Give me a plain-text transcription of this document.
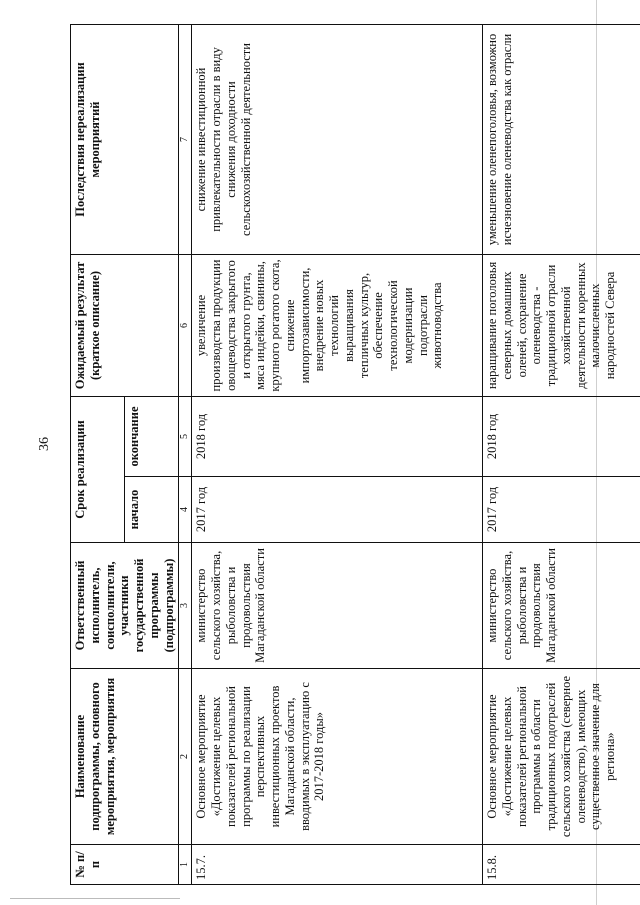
36
№ п/п	Наименование подпрограммы, основного мероприятия, мероприятия	Ответственный исполнитель, соисполнители, участники государственной программы (подпрограммы)	Срок реализации		Ожидаемый результат (краткое описание)	Последствия нереализации мероприятий
			начало	окончание		
1	2	3	4	5	6	7
15.7.	Основное мероприятие «Достижение целевых показателей региональной программы по реализации перспективных инвестиционных проектов Магаданской области, вводимых в эксплуатацию с 2017-2018 годы»	министерство сельского хозяйства, рыболовства и продовольствия Магаданской области	2017 год	2018 год	увеличение производства продукции овощеводства закрытого и открытого грунта, мяса индейки, свинины, крупного рогатого скота, снижение импортозависимости, внедрение новых технологий выращивания тепличных культур, обеспечение технологической модернизации подотрасли животноводства	снижение инвестиционной привлекательности отрасли в виду снижения доходности сельскохозяйственной деятельности
15.8.	Основное мероприятие «Достижение целевых показателей региональной программы в области традиционных подотраслей сельского хозяйства (северное оленеводство), имеющих существенное значение для региона»	министерство сельского хозяйства, рыболовства и продовольствия Магаданской области	2017 год	2018 год	наращивание поголовья северных домашних оленей, сохранение оленеводства - традиционной отрасли хозяйственной деятельности коренных малочисленных народностей Севера	уменьшение оленепоголовья, возможно исчезновение оленеводства как отрасли
